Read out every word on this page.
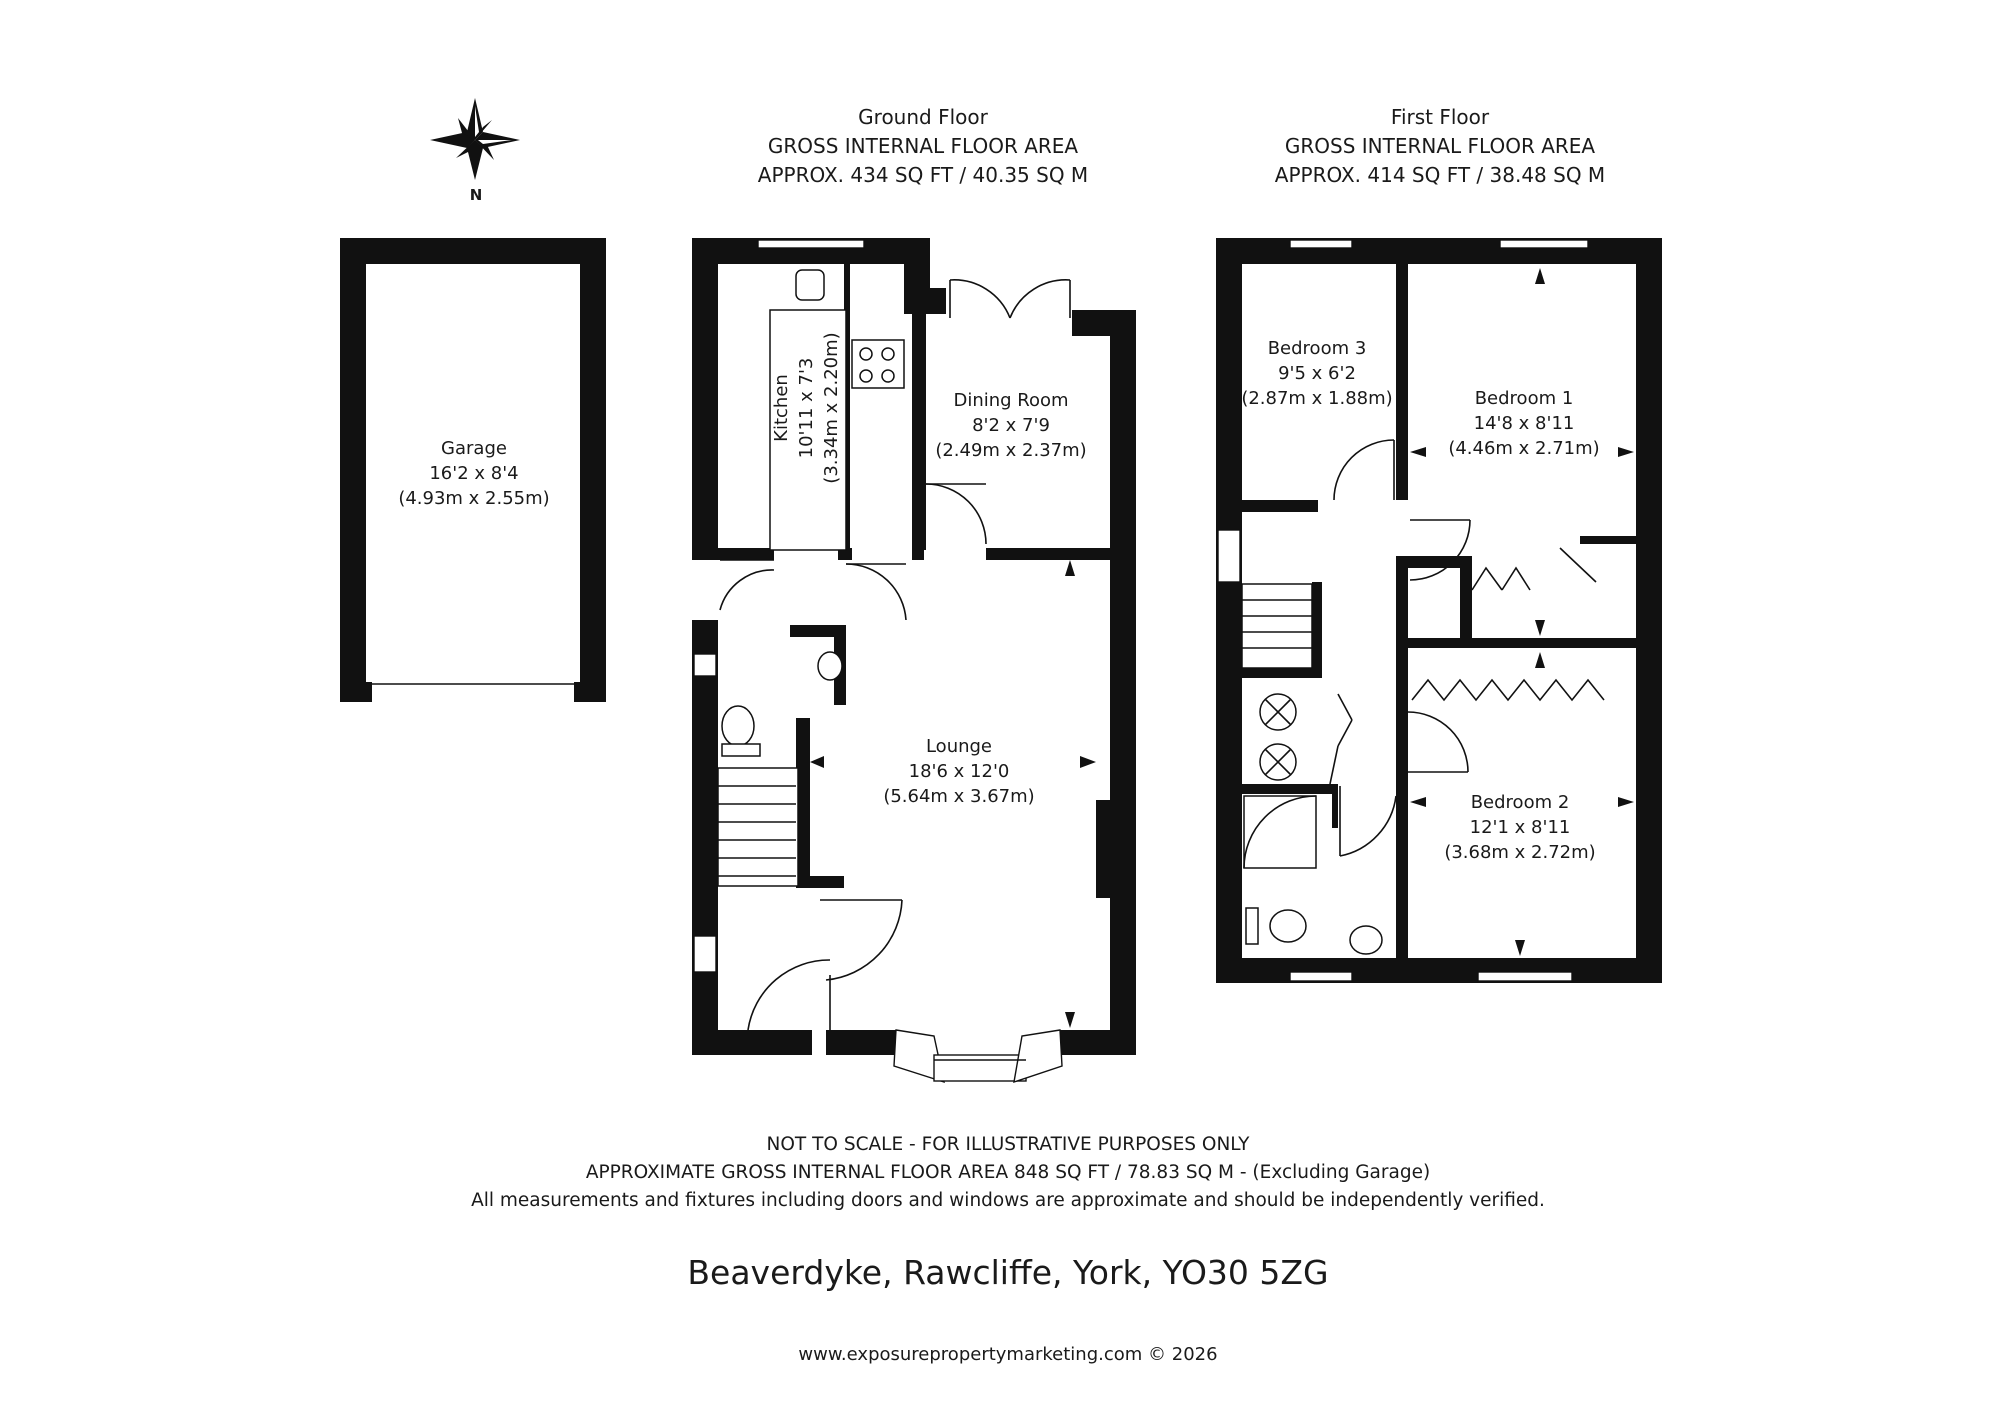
N
Ground Floor
GROSS INTERNAL FLOOR AREA
APPROX. 434 SQ FT / 40.35 SQ M
First Floor
GROSS INTERNAL FLOOR AREA
APPROX. 414 SQ FT / 38.48 SQ M
Garage
16'2 x 8'4
(4.93m x 2.55m)
Kitchen 10'11 x 7'3 (3.34m x 2.20m)	Dining Room
8'2 x 7'9
(2.49m x 2.37m)
Lounge
18'6 x 12'0
(5.64m x 3.67m)
Bedroom 3
9'5 x 6'2
(2.87m x 1.88m)	Bedroom 1
14'8 x 8'11
(4.46m x 2.71m)
Bedroom 2
12'1 x 8'11
(3.68m x 2.72m)
NOT TO SCALE - FOR ILLUSTRATIVE PURPOSES ONLY
APPROXIMATE GROSS INTERNAL FLOOR AREA 848 SQ FT / 78.83 SQ M - (Excluding Garage)
All measurements and fixtures including doors and windows are approximate and should be independently verified.
Beaverdyke, Rawcliffe, York, YO30 5ZG
www.exposurepropertymarketing.com © 2026
